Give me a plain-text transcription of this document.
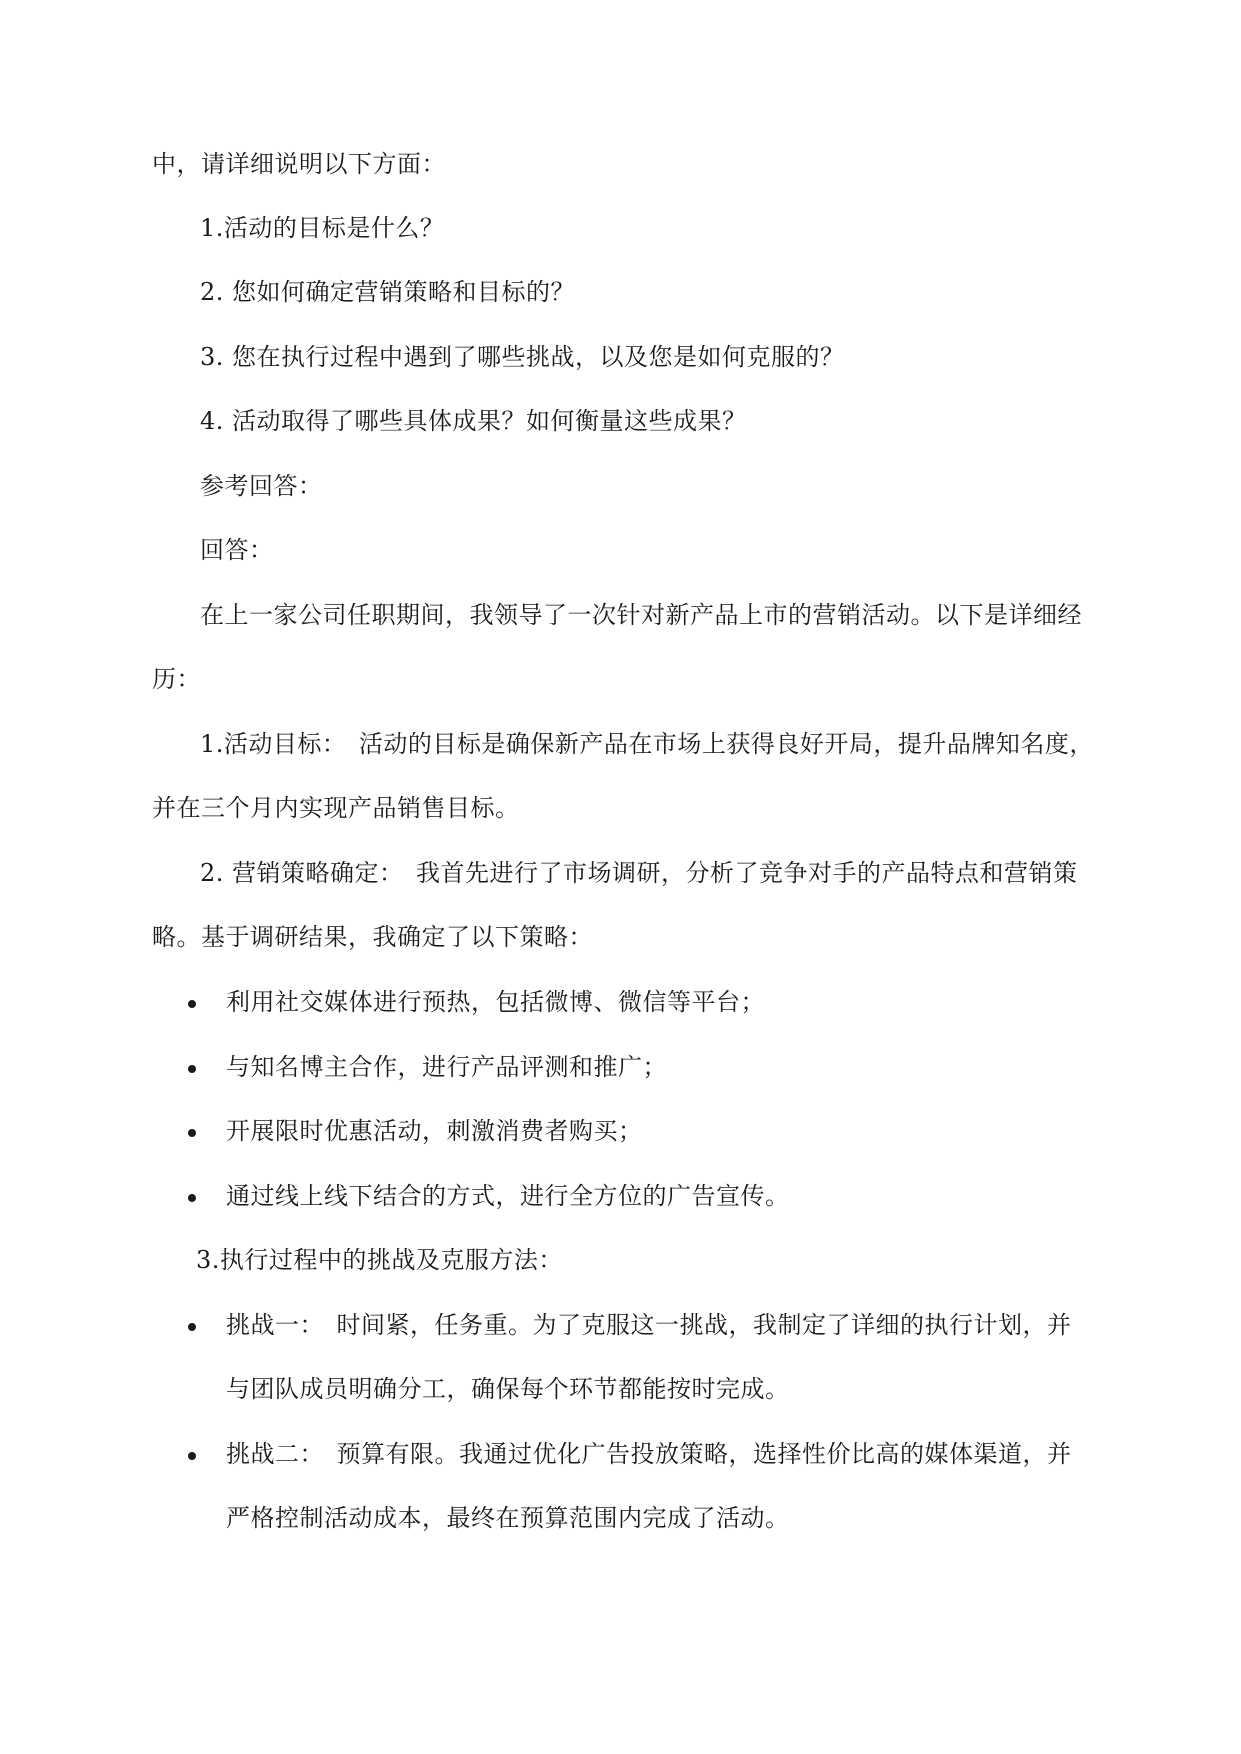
中，请详细说明以下方面：
1.活动的目标是什么？
2. 您如何确定营销策略和目标的？
3. 您在执行过程中遇到了哪些挑战，以及您是如何克服的？
4. 活动取得了哪些具体成果？如何衡量这些成果？
参考回答：
回答：
在上一家公司任职期间，我领导了一次针对新产品上市的营销活动。以下是详细经
历：
1.活动目标：　活动的目标是确保新产品在市场上获得良好开局，提升品牌知名度，
并在三个月内实现产品销售目标。
2. 营销策略确定：　我首先进行了市场调研，分析了竞争对手的产品特点和营销策
略。基于调研结果，我确定了以下策略：
利用社交媒体进行预热，包括微博、微信等平台；
与知名博主合作，进行产品评测和推广；
开展限时优惠活动，刺激消费者购买；
通过线上线下结合的方式，进行全方位的广告宣传。
3.执行过程中的挑战及克服方法：
挑战一：　时间紧，任务重。为了克服这一挑战，我制定了详细的执行计划，并
与团队成员明确分工，确保每个环节都能按时完成。
挑战二：　预算有限。我通过优化广告投放策略，选择性价比高的媒体渠道，并
严格控制活动成本，最终在预算范围内完成了活动。
